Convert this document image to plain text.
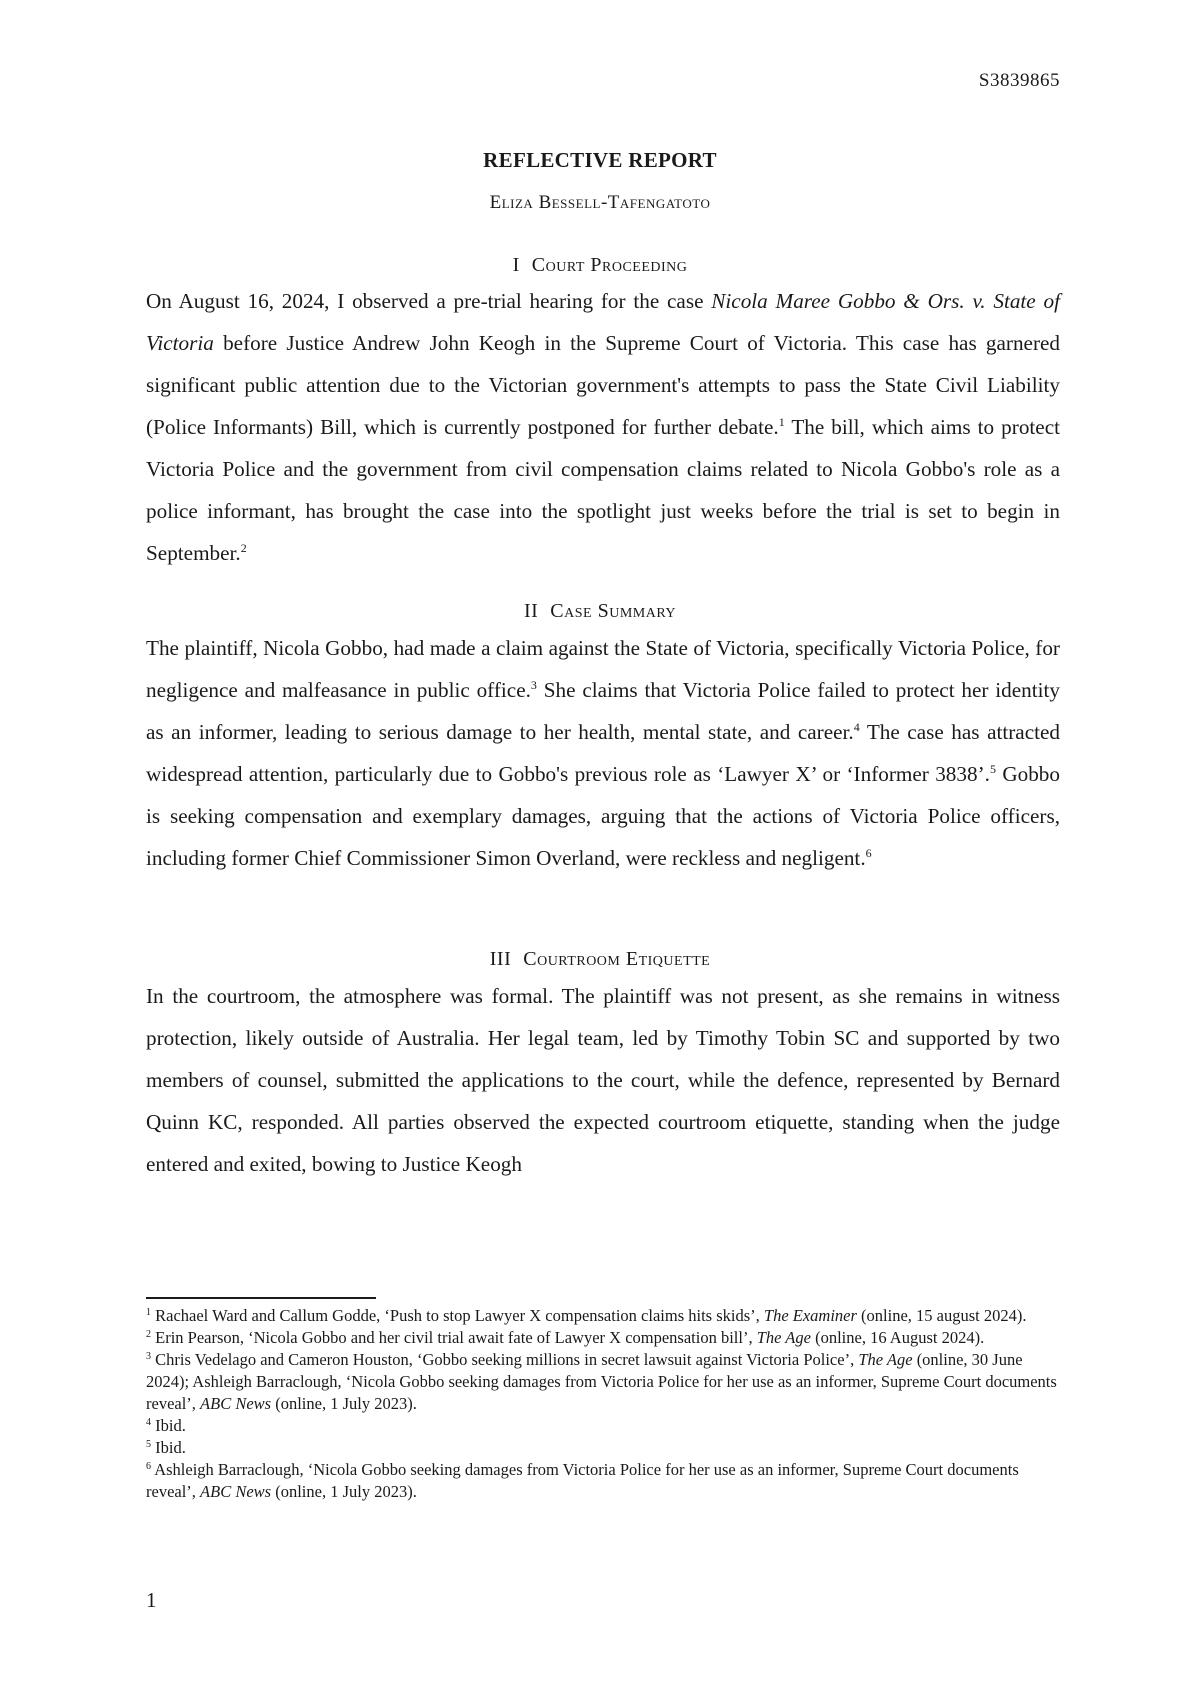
S3839865
REFLECTIVE REPORT
Eliza Bessell-Tafengatoto
I Court Proceeding

On August 16, 2024, I observed a pre-trial hearing for the case Nicola Maree Gobbo & Ors. v. State of Victoria before Justice Andrew John Keogh in the Supreme Court of Victoria. This case has garnered significant public attention due to the Victorian government's attempts to pass the State Civil Liability (Police Informants) Bill, which is currently postponed for further debate.$^1$ The bill, which aims to protect Victoria Police and the government from civil compensation claims related to Nicola Gobbo's role as a police informant, has brought the case into the spotlight just weeks before the trial is set to begin in September.$^2$

II Case Summary

The plaintiff, Nicola Gobbo, had made a claim against the State of Victoria, specifically Victoria Police, for negligence and malfeasance in public office.$^3$ She claims that Victoria Police failed to protect her identity as an informer, leading to serious damage to her health, mental state, and career.$^4$ The case has attracted widespread attention, particularly due to Gobbo's previous role as ‘Lawyer X’ or ‘Informer 3838’.$^5$ Gobbo is seeking compensation and exemplary damages, arguing that the actions of Victoria Police officers, including former Chief Commissioner Simon Overland, were reckless and negligent.$^6$

III Courtroom Etiquette

In the courtroom, the atmosphere was formal. The plaintiff was not present, as she remains in witness protection, likely outside of Australia. Her legal team, led by Timothy Tobin SC and supported by two members of counsel, submitted the applications to the court, while the defence, represented by Bernard Quinn KC, responded. All parties observed the expected courtroom etiquette, standing when the judge entered and exited, bowing to Justice Keogh

$^1$ Rachael Ward and Callum Godde, ‘Push to stop Lawyer X compensation claims hits skids’, The Examiner (online, 15 august 2024).

$^2$ Erin Pearson, ‘Nicola Gobbo and her civil trial await fate of Lawyer X compensation bill’, The Age (online, 16 August 2024).

$^3$ Chris Vedelago and Cameron Houston, ‘Gobbo seeking millions in secret lawsuit against Victoria Police’, The Age (online, 30 June 2024); Ashleigh Barraclough, ‘Nicola Gobbo seeking damages from Victoria Police for her use as an informer, Supreme Court documents reveal’, ABC News (online, 1 July 2023).

$^4$ Ibid.

$^5$ Ibid.

$^6$ Ashleigh Barraclough, ‘Nicola Gobbo seeking damages from Victoria Police for her use as an informer, Supreme Court documents reveal’, ABC News (online, 1 July 2023).

1
